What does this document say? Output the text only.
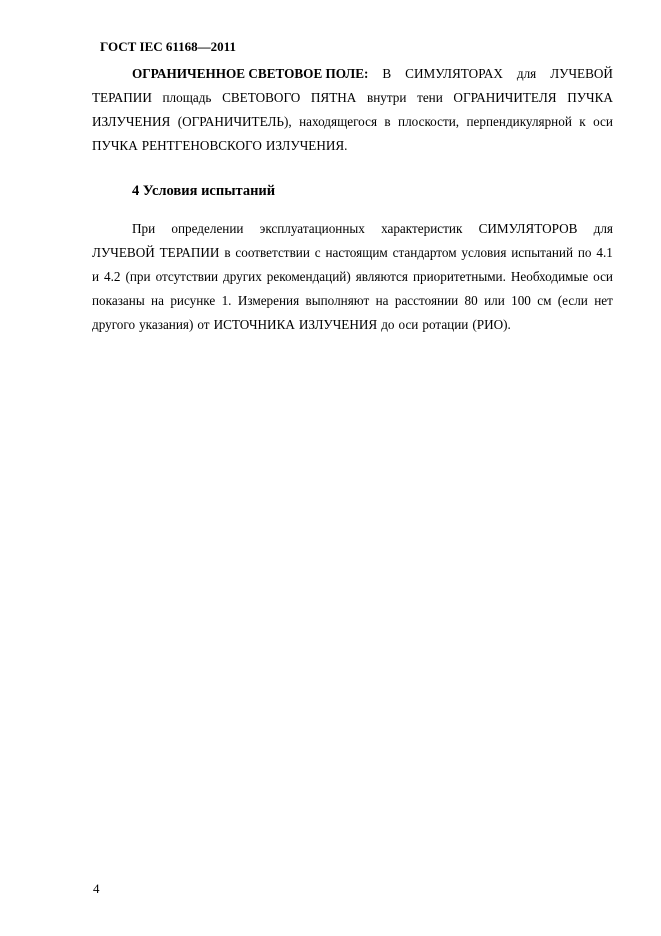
ГОСТ IEC 61168—2011
ОГРАНИЧЕННОЕ СВЕТОВОЕ ПОЛЕ: В СИМУЛЯТОРАХ для ЛУЧЕВОЙ
ТЕРАПИИ площадь СВЕТОВОГО ПЯТНА внутри тени ОГРАНИЧИТЕЛЯ ПУЧКА
ИЗЛУЧЕНИЯ (ОГРАНИЧИТЕЛЬ), находящегося в плоскости, перпендикулярной к оси
ПУЧКА РЕНТГЕНОВСКОГО ИЗЛУЧЕНИЯ.
4 Условия испытаний
При определении эксплуатационных характеристик СИМУЛЯТОРОВ для
ЛУЧЕВОЙ ТЕРАПИИ в соответствии с настоящим стандартом условия испытаний по 4.1
и 4.2 (при отсутствии других рекомендаций) являются приоритетными. Необходимые оси
показаны на рисунке 1. Измерения выполняют на расстоянии 80 или 100 см (если нет
другого указания) от ИСТОЧНИКА ИЗЛУЧЕНИЯ до оси ротации (РИО).
4
